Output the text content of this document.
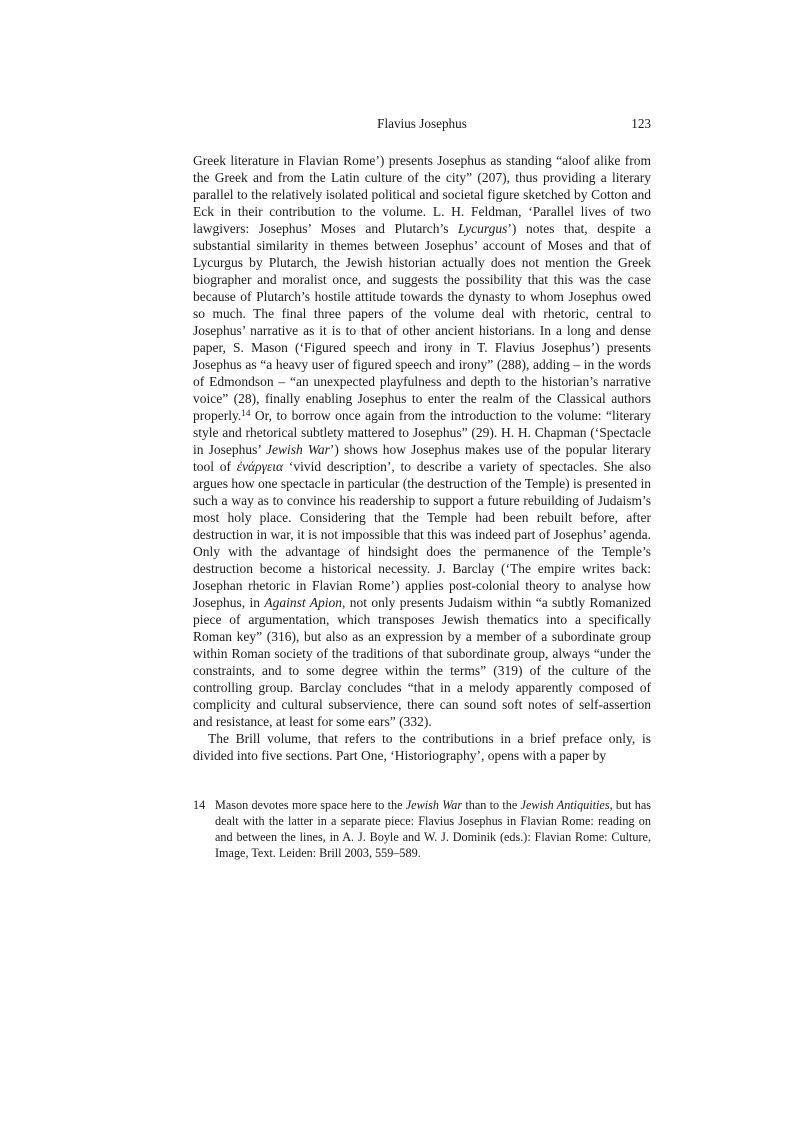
Flavius Josephus	123

Greek literature in Flavian Rome’) presents Josephus as standing “aloof alike from the Greek and from the Latin culture of the city” (207), thus providing a literary parallel to the relatively isolated political and societal figure sketched by Cotton and Eck in their contribution to the volume. L. H. Feldman, ‘Parallel lives of two lawgivers: Josephus’ Moses and Plutarch’s Lycurgus’) notes that, despite a substantial similarity in themes between Josephus’ account of Moses and that of Lycurgus by Plutarch, the Jewish historian actually does not mention the Greek biographer and moralist once, and suggests the possibility that this was the case because of Plutarch’s hostile attitude towards the dynasty to whom Josephus owed so much. The final three papers of the volume deal with rhetoric, central to Josephus’ narrative as it is to that of other ancient historians. In a long and dense paper, S. Mason (‘Figured speech and irony in T. Flavius Josephus’) presents Josephus as “a heavy user of figured speech and irony” (288), adding – in the words of Edmondson – “an unexpected playfulness and depth to the historian’s narrative voice” (28), finally enabling Josephus to enter the realm of the Classical authors properly.$^{14}$ Or, to borrow once again from the introduction to the volume: “literary style and rhetorical subtlety mattered to Josephus” (29). H. H. Chapman (‘Spectacle in Josephus’ Jewish War’) shows how Josephus makes use of the popular literary tool of ἐνάργεια ‘vivid description’, to describe a variety of spectacles. She also argues how one spectacle in particular (the destruction of the Temple) is presented in such a way as to convince his readership to support a future rebuilding of Judaism’s most holy place. Considering that the Temple had been rebuilt before, after destruction in war, it is not impossible that this was indeed part of Josephus’ agenda. Only with the advantage of hindsight does the permanence of the Temple’s destruction become a historical necessity. J. Barclay (‘The empire writes back: Josephan rhetoric in Flavian Rome’) applies post-colonial theory to analyse how Josephus, in Against Apion, not only presents Judaism within “a subtly Romanized piece of argumentation, which transposes Jewish thematics into a specifically Roman key” (316), but also as an expression by a member of a subordinate group within Roman society of the traditions of that subordinate group, always “under the constraints, and to some degree within the terms” (319) of the culture of the controlling group. Barclay concludes “that in a melody apparently composed of complicity and cultural subservience, there can sound soft notes of self-assertion and resistance, at least for some ears” (332).

The Brill volume, that refers to the contributions in a brief preface only, is divided into five sections. Part One, ‘Historiography’, opens with a paper by

14 Mason devotes more space here to the Jewish War than to the Jewish Antiquities, but has dealt with the latter in a separate piece: Flavius Josephus in Flavian Rome: reading on and between the lines, in A. J. Boyle and W. J. Dominik (eds.): Flavian Rome: Culture, Image, Text. Leiden: Brill 2003, 559–589.
